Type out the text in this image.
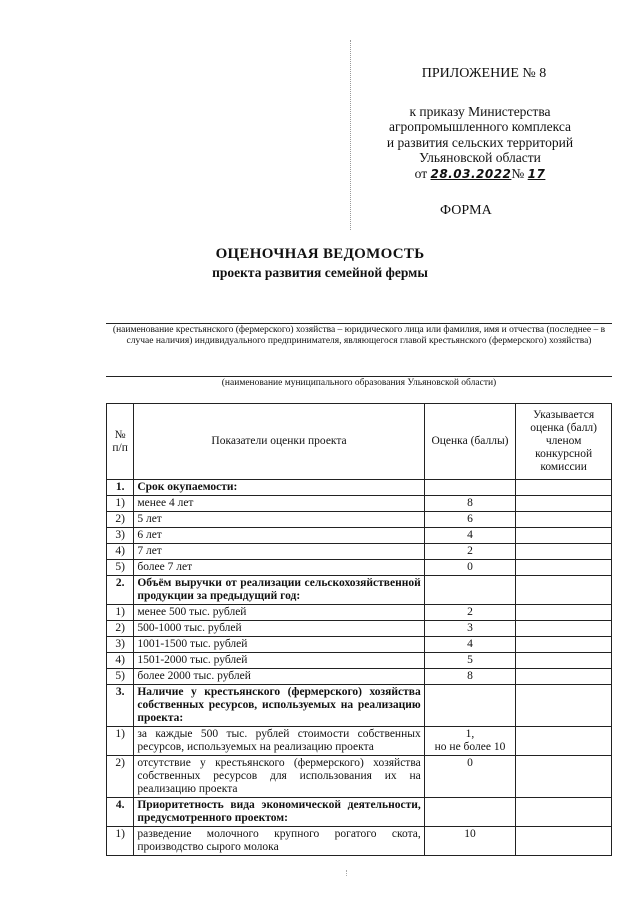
ПРИЛОЖЕНИЕ № 8
к приказу Министерства
агропромышленного комплекса
и развития сельских территорий
Ульяновской области
от 28.03.2022№ 17
ФОРМА
ОЦЕНОЧНАЯ ВЕДОМОСТЬ
проекта развития семейной фермы
(наименование крестьянского (фермерского) хозяйства – юридического лица или фамилия, имя и отчества (последнее – в случае наличия) индивидуального предпринимателя, являющегося главой крестьянского (фермерского) хозяйства)
(наименование муниципального образования Ульяновской области)
№ п/п	Показатели оценки проекта	Оценка (баллы)	Указывается оценка (балл) членом конкурсной комиссии
1.	Срок окупаемости:		
1)	менее 4 лет	8	
2)	5 лет	6	
3)	6 лет	4	
4)	7 лет	2	
5)	более 7 лет	0	
2.	Объём выручки от реализации сельскохозяйственной продукции за предыдущий год:		
1)	менее 500 тыс. рублей	2	
2)	500-1000 тыс. рублей	3	
3)	1001-1500 тыс. рублей	4	
4)	1501-2000 тыс. рублей	5	
5)	более 2000 тыс. рублей	8	
3.	Наличие у крестьянского (фермерского) хозяйства собственных ресурсов, используемых на реализацию проекта:		
1)	за каждые 500 тыс. рублей стоимости собственных ресурсов, используемых на реализацию проекта	1,
но не более 10	
2)	отсутствие у крестьянского (фермерского) хозяйства собственных ресурсов для использования их на реализацию проекта	0	
4.	Приоритетность вида экономической деятельности, предусмотренного проектом:		
1)	разведение молочного крупного рогатого скота, производство сырого молока	10	
